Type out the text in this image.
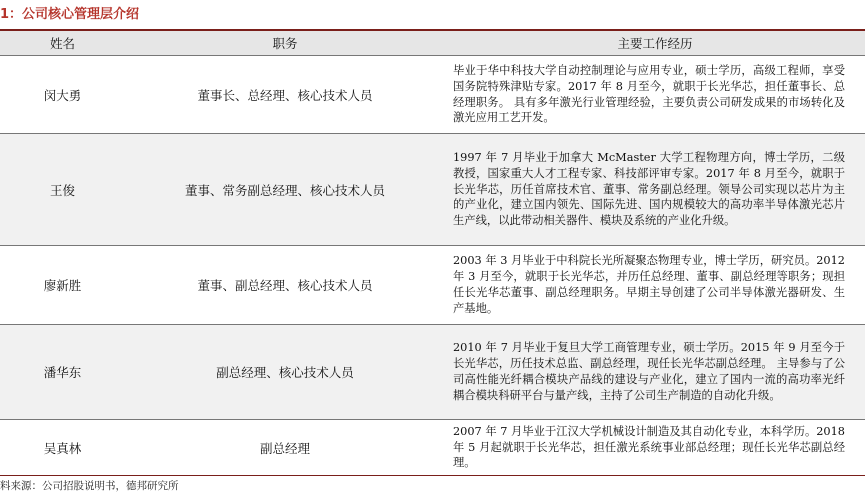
1：公司核心管理层介绍
姓名	职务	主要工作经历
闵大勇	董事长、总经理、核心技术人员	毕业于华中科技大学自动控制理论与应用专业，硕士学历，高级工程师，享受国务院特殊津贴专家。2017 年 8 月至今，就职于长光华芯，担任董事长、总经理职务。 具有多年激光行业管理经验，主要负责公司研发成果的市场转化及激光应用工艺开发。
王俊	董事、常务副总经理、核心技术人员	1997 年 7 月毕业于加拿大 McMaster 大学工程物理方向，博士学历，二级教授，国家重大人才工程专家、科技部评审专家。2017 年 8 月至今，就职于长光华芯，历任首席技术官、董事、常务副总经理。领导公司实现以芯片为主的产业化，建立国内领先、国际先进、国内规模较大的高功率半导体激光芯片生产线，以此带动相关器件、模块及系统的产业化升级。
廖新胜	董事、副总经理、核心技术人员	2003 年 3 月毕业于中科院长光所凝聚态物理专业，博士学历，研究员。2012 年 3 月至今，就职于长光华芯，并历任总经理、董事、副总经理等职务；现担任长光华芯董事、副总经理职务。早期主导创建了公司半导体激光器研发、生产基地。
潘华东	副总经理、核心技术人员	2010 年 7 月毕业于复旦大学工商管理专业，硕士学历。2015 年 9 月至今于长光华芯，历任技术总监、副总经理，现任长光华芯副总经理。 主导参与了公司高性能光纤耦合模块产品线的建设与产业化，建立了国内一流的高功率光纤耦合模块科研平台与量产线，主持了公司生产制造的自动化升级。
吴真林	副总经理	2007 年 7 月毕业于江汉大学机械设计制造及其自动化专业，本科学历。2018 年 5 月起就职于长光华芯，担任激光系统事业部总经理；现任长光华芯副总经理。
料来源：公司招股说明书，德邦研究所
